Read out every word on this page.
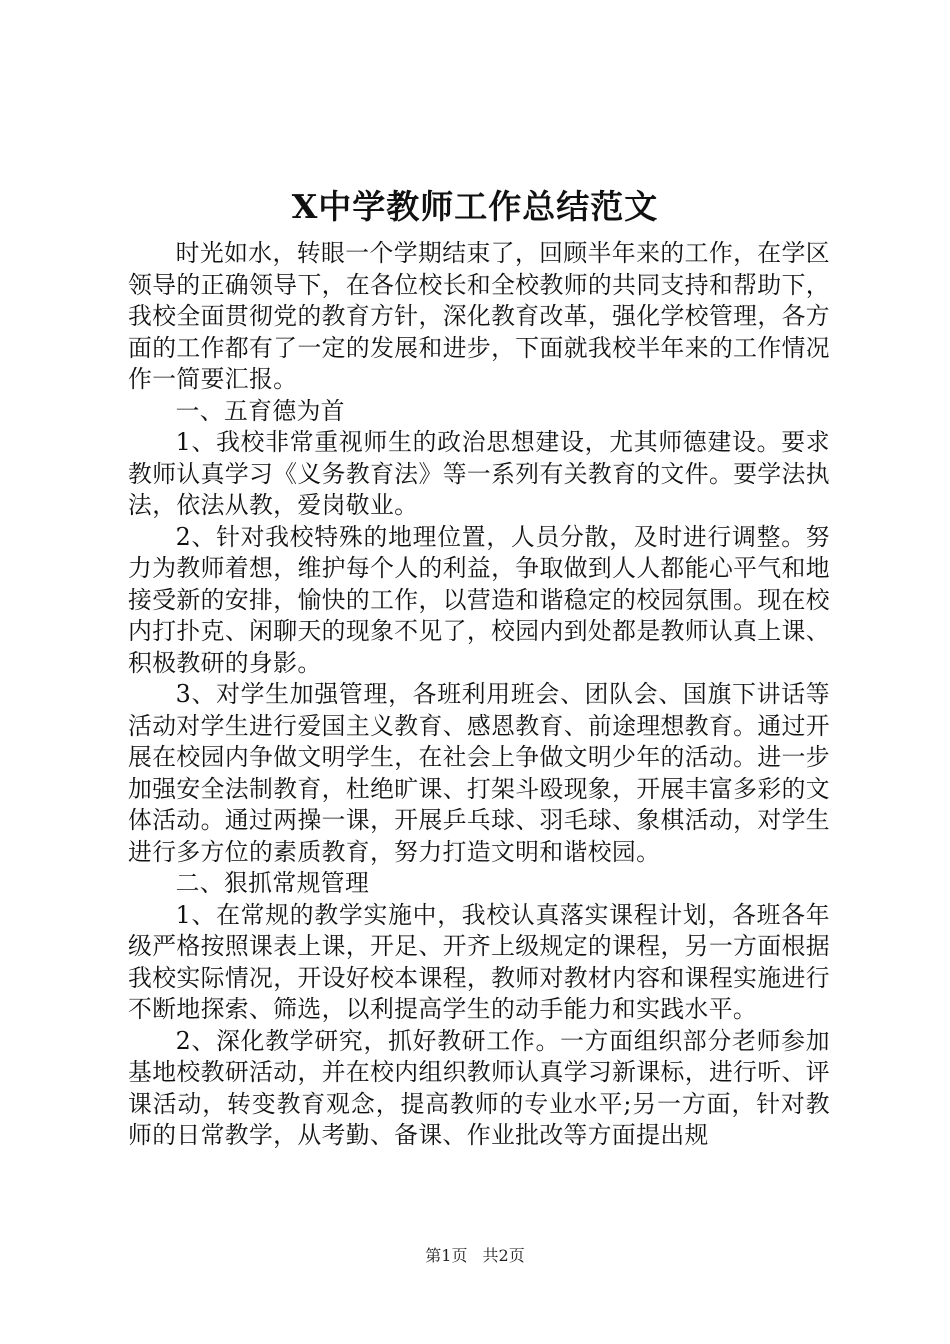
X中学教师工作总结范文

时光如水，转眼一个学期结束了，回顾半年来的工作，在学区领导的正确领导下，在各位校长和全校教师的共同支持和帮助下，我校全面贯彻党的教育方针，深化教育改革，强化学校管理，各方面的工作都有了一定的发展和进步，下面就我校半年来的工作情况作一简要汇报。

一、五育德为首

1、我校非常重视师生的政治思想建设，尤其师德建设。要求教师认真学习《义务教育法》等一系列有关教育的文件。要学法执法，依法从教，爱岗敬业。

2、针对我校特殊的地理位置，人员分散，及时进行调整。努力为教师着想，维护每个人的利益，争取做到人人都能心平气和地接受新的安排，愉快的工作，以营造和谐稳定的校园氛围。现在校内打扑克、闲聊天的现象不见了，校园内到处都是教师认真上课、积极教研的身影。

3、对学生加强管理，各班利用班会、团队会、国旗下讲话等活动对学生进行爱国主义教育、感恩教育、前途理想教育。通过开展在校园内争做文明学生，在社会上争做文明少年的活动。进一步加强安全法制教育，杜绝旷课、打架斗殴现象，开展丰富多彩的文体活动。通过两操一课，开展乒乓球、羽毛球、象棋活动，对学生进行多方位的素质教育，努力打造文明和谐校园。

二、狠抓常规管理

1、在常规的教学实施中，我校认真落实课程计划，各班各年级严格按照课表上课，开足、开齐上级规定的课程，另一方面根据我校实际情况，开设好校本课程，教师对教材内容和课程实施进行不断地探索、筛选，以利提高学生的动手能力和实践水平。

2、深化教学研究，抓好教研工作。一方面组织部分老师参加基地校教研活动，并在校内组织教师认真学习新课标，进行听、评课活动，转变教育观念，提高教师的专业水平;另一方面，针对教师的日常教学，从考勤、备课、作业批改等方面提出规

第1页 共2页
